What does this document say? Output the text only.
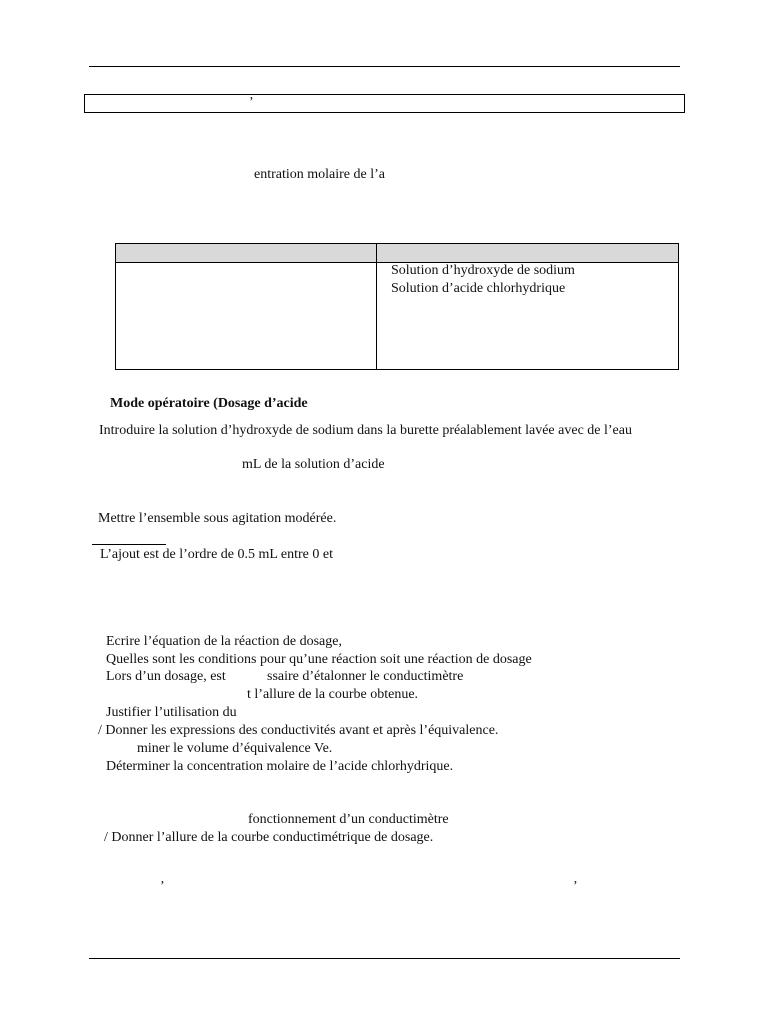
’
entration molaire de l’a
Solution d’hydroxyde de sodium
Solution d’acide chlorhydrique
Mode opératoire (Dosage d’acide
Introduire la solution d’hydroxyde de sodium dans la burette préalablement lavée avec de l’eau
mL de la solution d’acide
Mettre l’ensemble sous agitation modérée.
L’ajout est de l’ordre de 0.5 mL entre 0 et
Ecrire l’équation de la réaction de dosage,
Quelles sont les conditions pour qu’une réaction soit une réaction de dosage
Lors d’un dosage, est	ssaire d’étalonner le conductimètre
t l’allure de la courbe obtenue.
Justifier l’utilisation du
/ Donner les expressions des conductivités avant et après l’équivalence.
miner le volume d’équivalence Ve.
Déterminer la concentration molaire de l’acide chlorhydrique.
fonctionnement d’un conductimètre
/ Donner l’allure de la courbe conductimétrique de dosage.
’	’
